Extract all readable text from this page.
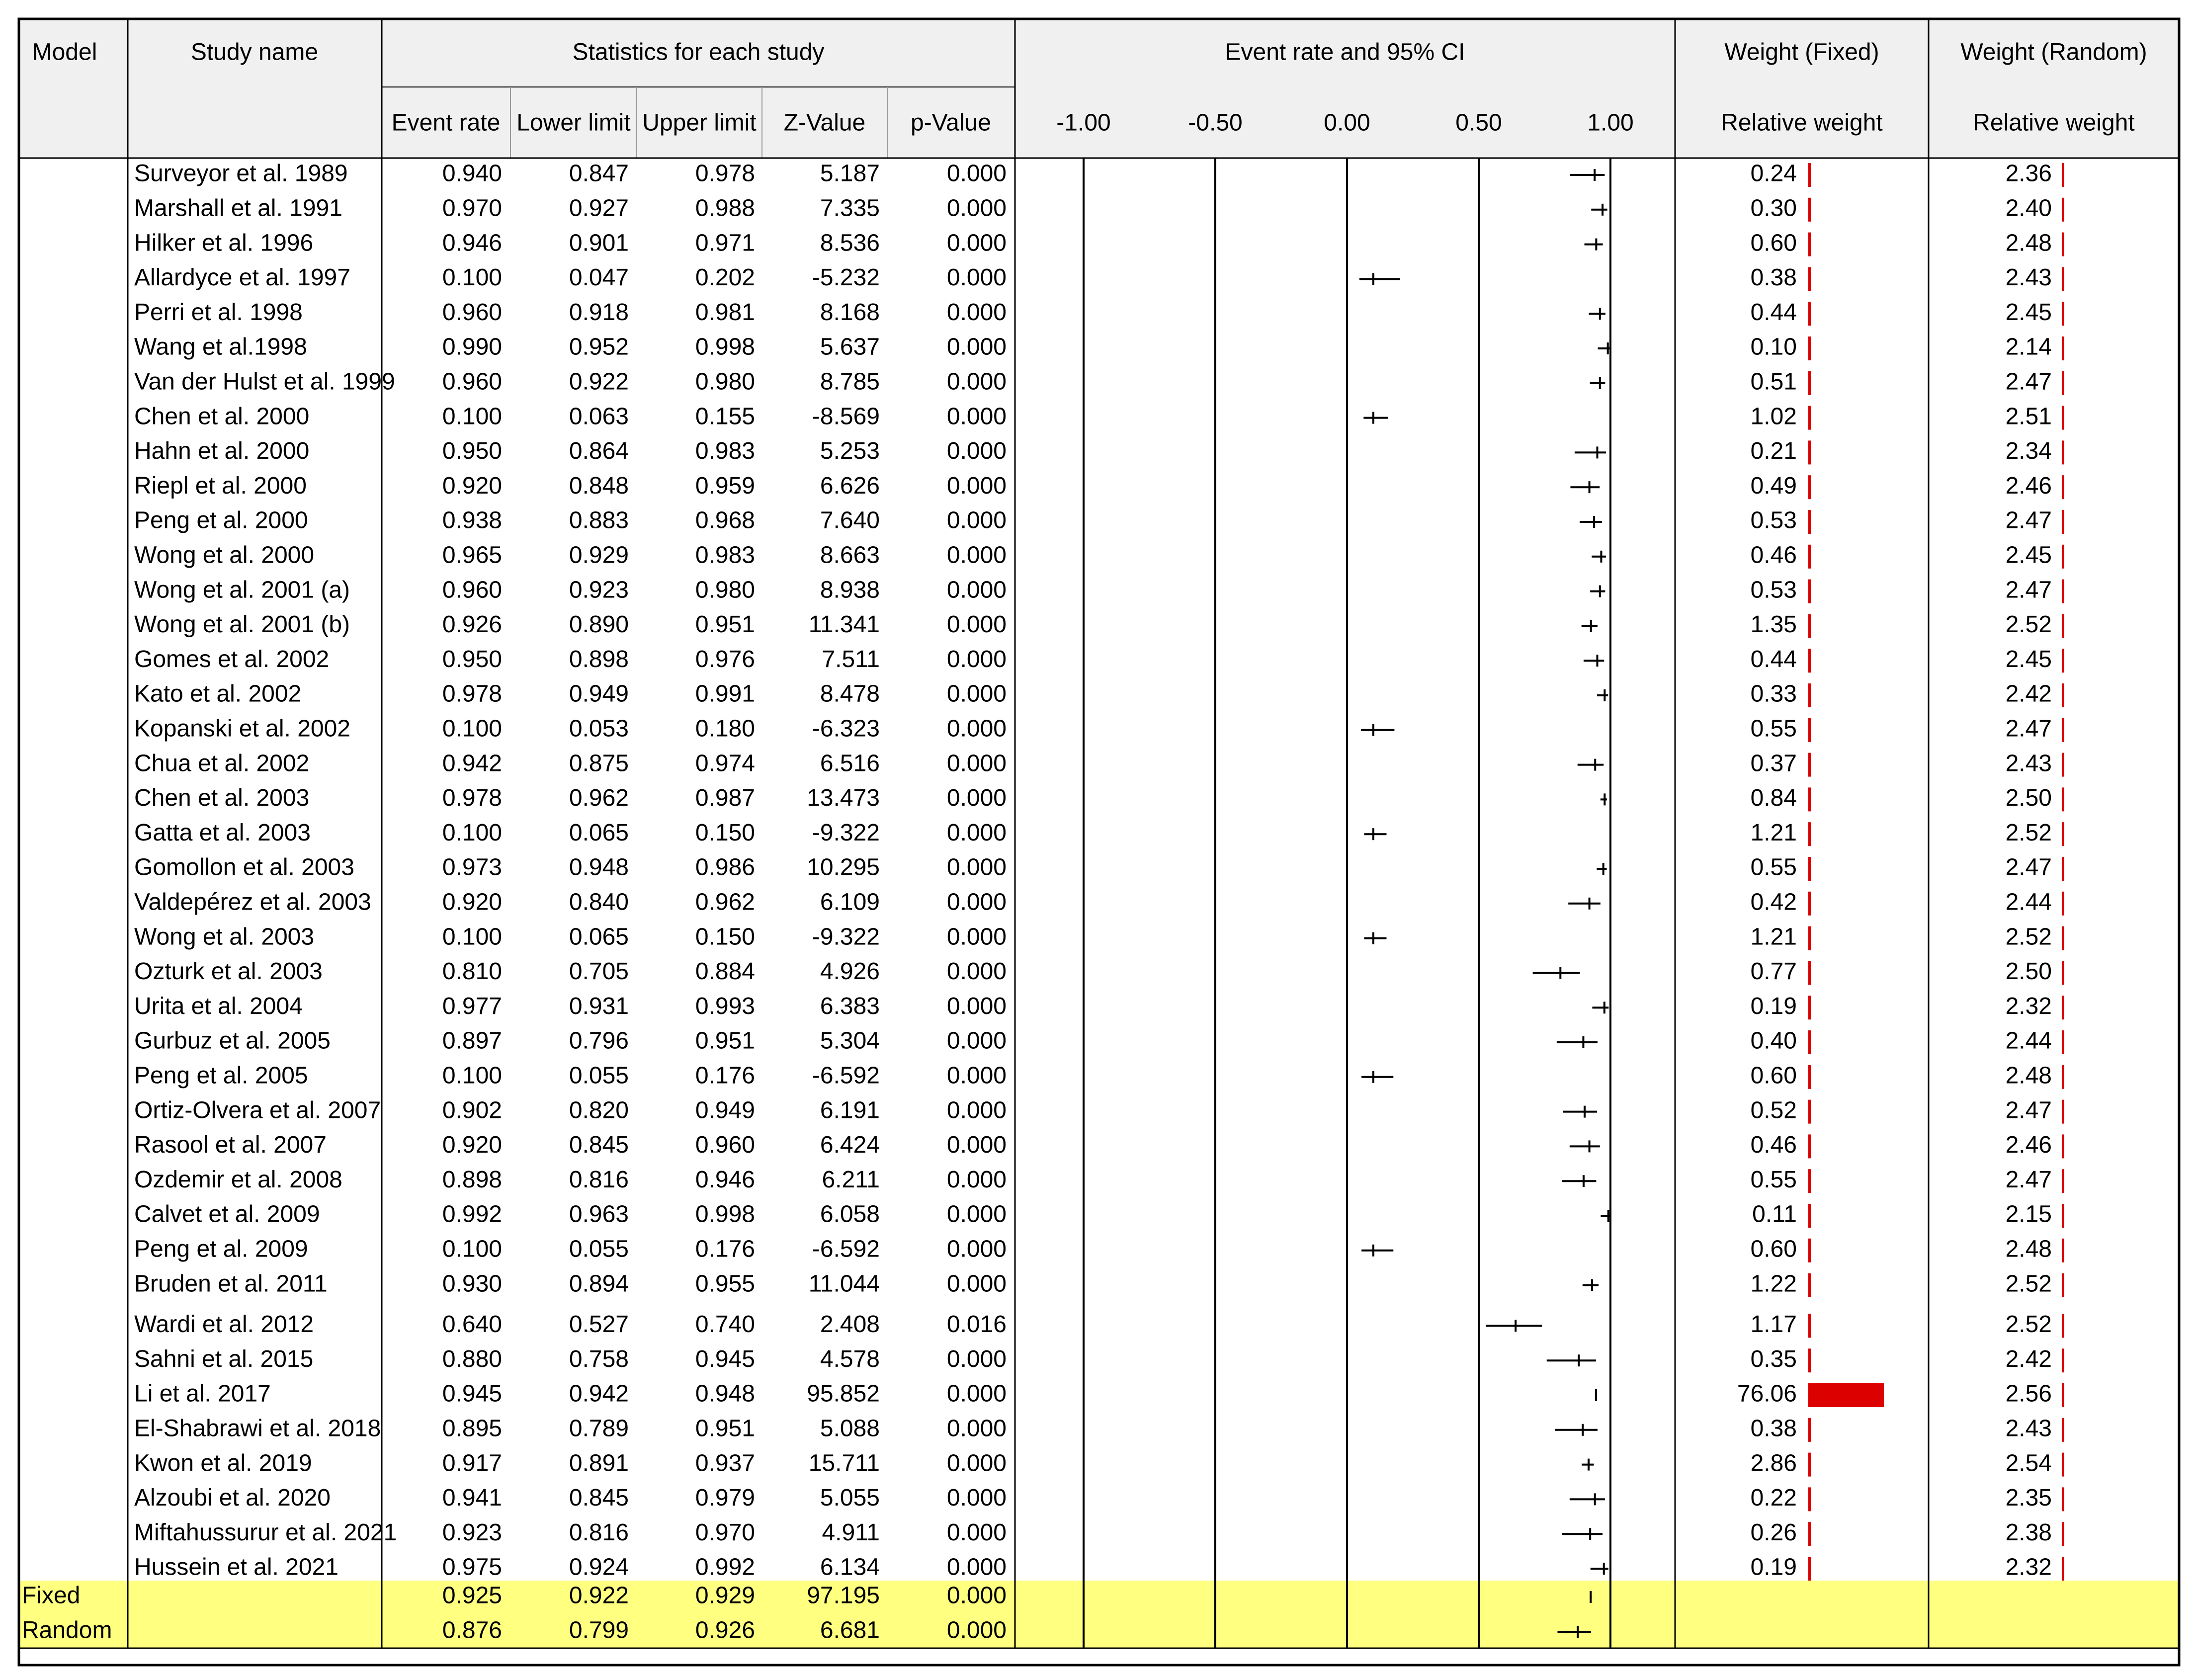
Model	Study name	Statistics for each study	Event rate and 95% CI	Weight (Fixed)	Weight (Random)
Event rate Lower limit Upper limit Z-Value p-Value	-1.00	-0.50	0.00	0.50	1.00	Relative weight	Relative weight
Surveyor et al. 1989	0.940	0.847	0.978	5.187	0.000	0.24	2.36
Marshall et al. 1991	0.970	0.927	0.988	7.335	0.000	0.30	2.40
Hilker et al. 1996	0.946	0.901	0.971	8.536	0.000	0.60	2.48
Allardyce et al. 1997	0.100	0.047	0.202 -5.232	0.000	0.38	2.43
Perri et al. 1998	0.960	0.918	0.981	8.168	0.000	0.44	2.45
Wang et al.1998	0.990	0.952	0.998	5.637	0.000	0.10	2.14
Van der Hulst et al. 1999 0.960	0.922	0.980	8.785	0.000	0.51	2.47
Chen et al. 2000	0.100	0.063	0.155 -8.569	0.000	1.02	2.51
Hahn et al. 2000	0.950	0.864	0.983	5.253	0.000	0.21	2.34
Riepl et al. 2000	0.920	0.848	0.959	6.626	0.000	0.49	2.46
Peng et al. 2000	0.938	0.883	0.968	7.640	0.000	0.53	2.47
Wong et al. 2000	0.965	0.929	0.983	8.663	0.000	0.46	2.45
Wong et al. 2001 (a)	0.960	0.923	0.980	8.938	0.000	0.53	2.47
Wong et al. 2001 (b)	0.926	0.890	0.951 11.341	0.000	1.35	2.52
Gomes et al. 2002	0.950	0.898	0.976	7.511	0.000	0.44	2.45
Kato et al. 2002	0.978	0.949	0.991	8.478	0.000	0.33	2.42
Kopanski et al. 2002	0.100	0.053	0.180 -6.323	0.000	0.55	2.47
Chua et al. 2002	0.942	0.875	0.974	6.516	0.000	0.37	2.43
Chen et al. 2003	0.978	0.962	0.987 13.473	0.000	0.84	2.50
Gatta et al. 2003	0.100	0.065	0.150 -9.322	0.000	1.21	2.52
Gomollon et al. 2003	0.973	0.948	0.986 10.295	0.000	0.55	2.47
Valdepérez et al. 2003	0.920	0.840	0.962	6.109	0.000	0.42	2.44
Wong et al. 2003	0.100	0.065	0.150 -9.322	0.000	1.21	2.52
Ozturk et al. 2003	0.810	0.705	0.884	4.926	0.000	0.77	2.50
Urita et al. 2004	0.977	0.931	0.993	6.383	0.000	0.19	2.32
Gurbuz et al. 2005	0.897	0.796	0.951	5.304	0.000	0.40	2.44
Peng et al. 2005	0.100	0.055	0.176 -6.592	0.000	0.60	2.48
Ortiz-Olvera et al. 2007	0.902	0.820	0.949	6.191	0.000	0.52	2.47
Rasool et al. 2007	0.920	0.845	0.960	6.424	0.000	0.46	2.46
Ozdemir et al. 2008	0.898	0.816	0.946	6.211	0.000	0.55	2.47
Calvet et al. 2009	0.992	0.963	0.998	6.058	0.000	0.11	2.15
Peng et al. 2009	0.100	0.055	0.176 -6.592	0.000	0.60	2.48
Bruden et al. 2011	0.930	0.894	0.955 11.044	0.000	1.22	2.52
Wardi et al. 2012	0.640	0.527	0.740	2.408	0.016	1.17	2.52
Sahni et al. 2015	0.880	0.758	0.945	4.578	0.000	0.35	2.42
Li et al. 2017	0.945	0.942	0.948 95.852	0.000	76.06	2.56
El-Shabrawi et al. 2018	0.895	0.789	0.951	5.088	0.000	0.38	2.43
Kwon et al. 2019	0.917	0.891	0.937 15.711	0.000	2.86	2.54
Alzoubi et al. 2020	0.941	0.845	0.979	5.055	0.000	0.22	2.35
Miftahussurur et al. 2021 0.923	0.816	0.970	4.911	0.000	0.26	2.38
Hussein et al. 2021	0.975	0.924	0.992	6.134	0.000	0.19	2.32
Fixed	0.925	0.922	0.929 97.195	0.000
Random	0.876	0.799	0.926	6.681	0.000
